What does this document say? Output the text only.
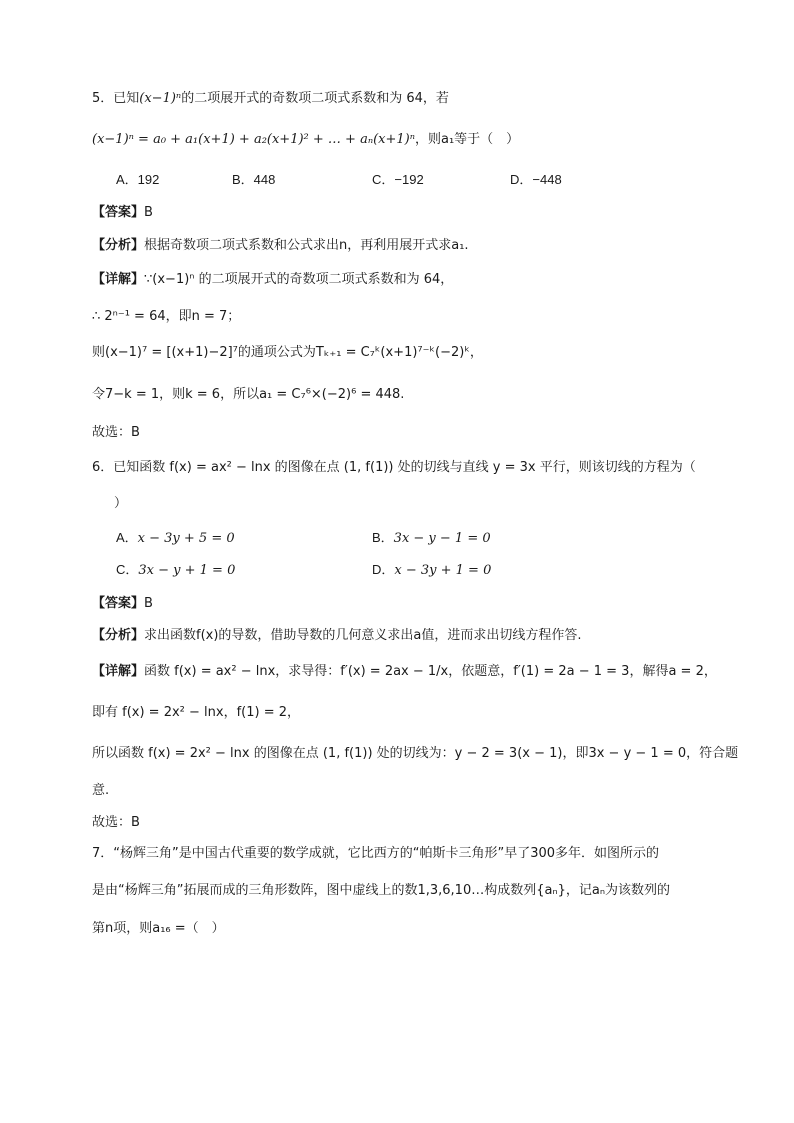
5．已知(x−1)ⁿ的二项展开式的奇数项二项式系数和为 64，若
(x−1)ⁿ = a₀ + a₁(x+1) + a₂(x+1)² + … + aₙ(x+1)ⁿ，则a₁等于（　）
A．192	B．448	C．−192	D．−448
【答案】B
【分析】根据奇数项二项式系数和公式求出n，再利用展开式求a₁.
【详解】∵(x−1)ⁿ 的二项展开式的奇数项二项式系数和为 64，
∴ 2ⁿ⁻¹ = 64，即n = 7；
则(x−1)⁷ = [(x+1)−2]⁷的通项公式为Tₖ₊₁ = C₇ᵏ(x+1)⁷⁻ᵏ(−2)ᵏ，
令7−k = 1，则k = 6，所以a₁ = C₇⁶×(−2)⁶ = 448.
故选：B
6．已知函数 f(x) = ax² − lnx 的图像在点 (1, f(1)) 处的切线与直线 y = 3x 平行，则该切线的方程为（
）
A．x − 3y + 5 = 0	B．3x − y − 1 = 0
C．3x − y + 1 = 0	D．x − 3y + 1 = 0
【答案】B
【分析】求出函数f(x)的导数，借助导数的几何意义求出a值，进而求出切线方程作答.
【详解】函数 f(x) = ax² − lnx，求导得：f′(x) = 2ax − 1/x，依题意，f′(1) = 2a − 1 = 3，解得a = 2，
即有 f(x) = 2x² − lnx，f(1) = 2，
所以函数 f(x) = 2x² − lnx 的图像在点 (1, f(1)) 处的切线为：y − 2 = 3(x − 1)，即3x − y − 1 = 0，符合题
意.
故选：B
7．“杨辉三角”是中国古代重要的数学成就，它比西方的“帕斯卡三角形”早了300多年．如图所示的
是由“杨辉三角”拓展而成的三角形数阵，图中虚线上的数1,3,6,10…构成数列{aₙ}，记aₙ为该数列的
第n项，则a₁₆ =（　）
